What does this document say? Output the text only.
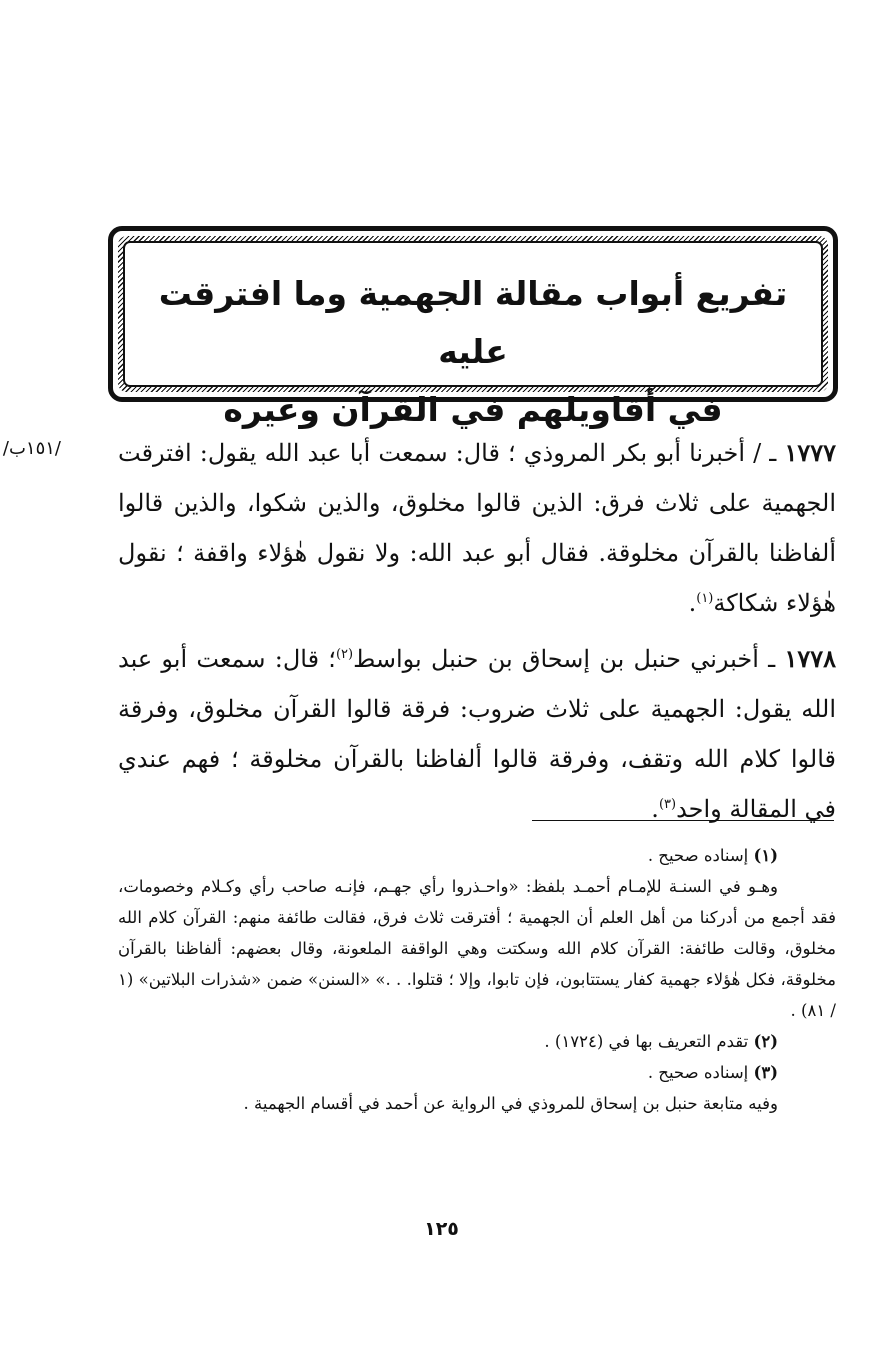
تفريع أبواب مقالة الجهمية وما افترقت عليه
في أقاويلهم في القرآن وغيره
/١٥١ب/	١٧٧٧ ـ / أخبرنا أبو بكر المروذي ؛ قال: سمعت أبا عبد الله يقول: افترقت الجهمية على ثلاث فرق: الذين قالوا مخلوق، والذين شكوا، والذين قالوا ألفاظنا بالقرآن مخلوقة. فقال أبو عبد الله: ولا نقول هٰؤلاء واقفة ؛ نقول هٰؤلاء شكاكة$^{(١)}$.

١٧٧٨ ـ أخبرني حنبل بن إسحاق بن حنبل بواسط$^{(٢)}$؛ قال: سمعت أبو عبد الله يقول: الجهمية على ثلاث ضروب: فرقة قالوا القرآن مخلوق، وفرقة قالوا كلام الله وتقف، وفرقة قالوا ألفاظنا بالقرآن مخلوقة ؛ فهم عندي في المقالة واحد$^{(٣)}$.

(١) إسناده صحيح .
وهـو في السنـة للإمـام أحمـد بلفظ: «واحـذروا رأي جهـم، فإنـه صاحب رأي وكـلام وخصومات، فقد أجمع من أدركنا من أهل العلم أن الجهمية ؛ أفترقت ثلاث فرق، فقالت طائفة منهم: القرآن كلام الله مخلوق، وقالت طائفة: القرآن كلام الله وسكتت وهي الواقفة الملعونة، وقال بعضهم: ألفاظنا بالقرآن مخلوقة، فكل هٰؤلاء جهمية كفار يستتابون، فإن تابوا، وإلا ؛ قتلوا. . .» «السنن» ضمن «شذرات البلاتين» (١ / ٨١) .
(٢) تقدم التعريف بها في (١٧٢٤) .
(٣) إسناده صحيح .
وفيه متابعة حنبل بن إسحاق للمروذي في الرواية عن أحمد في أقسام الجهمية .
١٢٥
